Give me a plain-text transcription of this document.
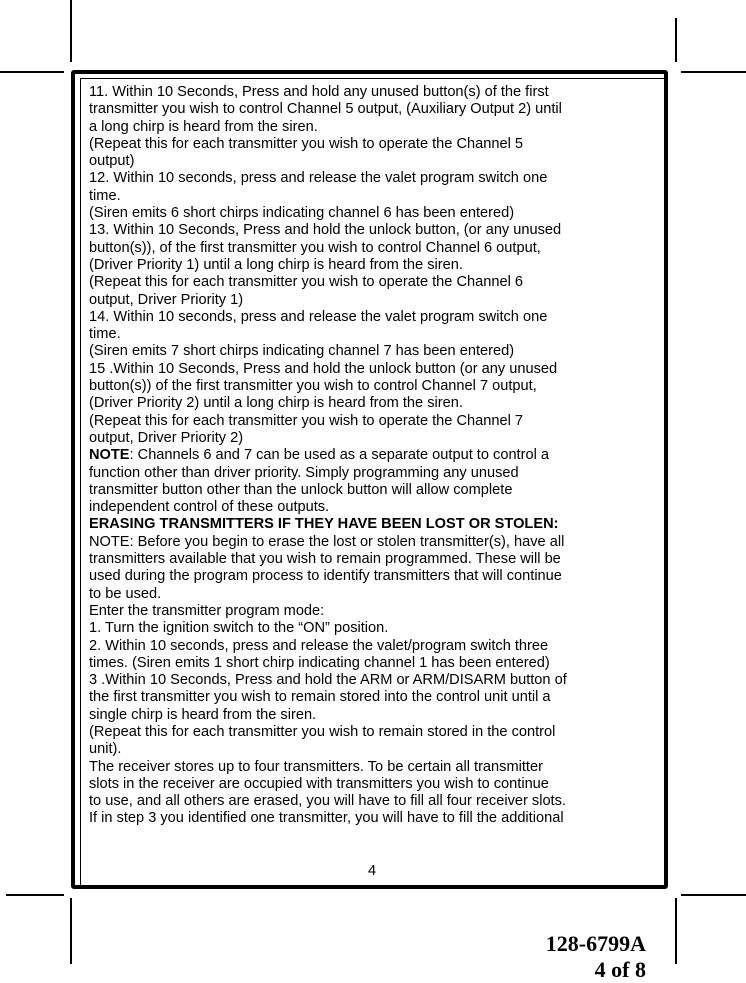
11. Within 10 Seconds, Press and hold any unused button(s) of the first
transmitter you wish to control Channel 5 output, (Auxiliary Output 2) until
a long chirp is heard from the siren.
(Repeat this for each transmitter you wish to operate the Channel 5
output)
12. Within 10 seconds, press and release the valet program switch one
time.
(Siren emits 6 short chirps indicating channel 6 has been entered)
13. Within 10 Seconds, Press and hold the unlock button, (or any unused
button(s)), of the first transmitter you wish to control Channel 6 output,
(Driver Priority 1) until a long chirp is heard from the siren.
(Repeat this for each transmitter you wish to operate the Channel 6
output, Driver Priority 1)
14. Within 10 seconds, press and release the valet program switch one
time.
(Siren emits 7 short chirps indicating channel 7 has been entered)
15 .Within 10 Seconds, Press and hold the unlock button (or any unused
button(s)) of the first transmitter you wish to control Channel 7 output,
(Driver Priority 2) until a long chirp is heard from the siren.
(Repeat this for each transmitter you wish to operate the Channel 7
output, Driver Priority 2)
NOTE: Channels 6 and 7 can be used as a separate output to control a
function other than driver priority. Simply programming any unused
transmitter button other than the unlock button will allow complete
independent control of these outputs.
ERASING TRANSMITTERS IF THEY HAVE BEEN LOST OR STOLEN:
NOTE: Before you begin to erase the lost or stolen transmitter(s), have all
transmitters available that you wish to remain programmed. These will be
used during the program process to identify transmitters that will continue
to be used.
Enter the transmitter program mode:
1. Turn the ignition switch to the “ON” position.
2. Within 10 seconds, press and release the valet/program switch three
times. (Siren emits 1 short chirp indicating channel 1 has been entered)
3 .Within 10 Seconds, Press and hold the ARM or ARM/DISARM button of
the first transmitter you wish to remain stored into the control unit until a
single chirp is heard from the siren.
(Repeat this for each transmitter you wish to remain stored in the control
unit).
The receiver stores up to four transmitters. To be certain all transmitter
slots in the receiver are occupied with transmitters you wish to continue
to use, and all others are erased, you will have to fill all four receiver slots.
If in step 3 you identified one transmitter, you will have to fill the additional
4
128-6799A
4 of 8
